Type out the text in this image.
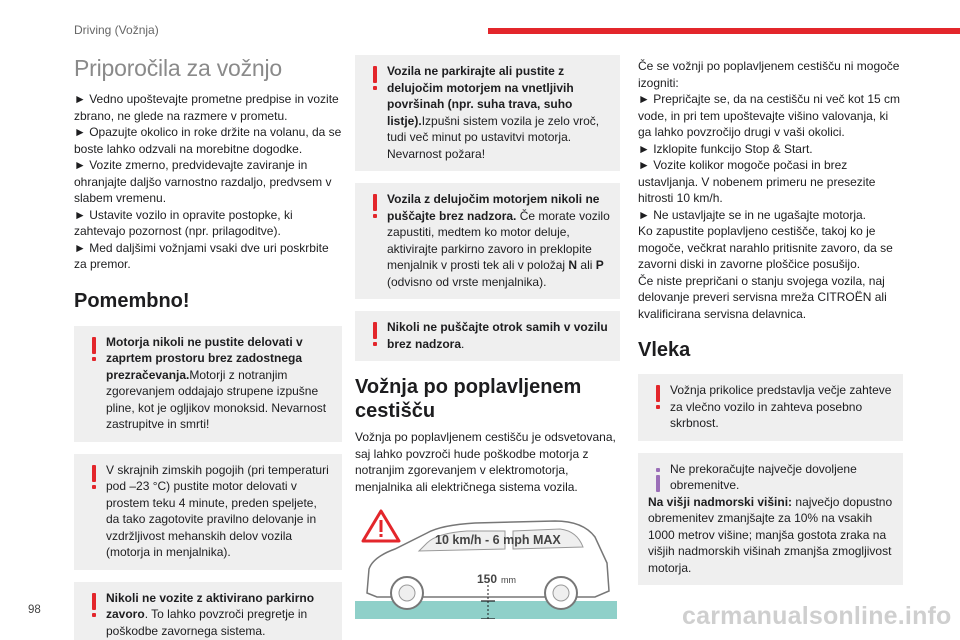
Driving (Vožnja)
Priporočila za vožnjo

► Vedno upoštevajte prometne predpise in vozite zbrano, ne glede na razmere v prometu.

► Opazujte okolico in roke držite na volanu, da se boste lahko odzvali na morebitne dogodke.

► Vozite zmerno, predvidevajte zaviranje in ohranjajte daljšo varnostno razdaljo, predvsem v slabem vremenu.

► Ustavite vozilo in opravite postopke, ki zahtevajo pozornost (npr. prilagoditve).

► Med daljšimi vožnjami vsaki dve uri poskrbite za premor.

Pomembno!
Motorja nikoli ne pustite delovati v zaprtem prostoru brez zadostnega prezračevanja.Motorji z notranjim zgorevanjem oddajajo strupene izpušne pline, kot je ogljikov monoksid. Nevarnost zastrupitve in smrti!
V skrajnih zimskih pogojih (pri temperaturi pod –23 °C) pustite motor delovati v prostem teku 4 minute, preden speljete, da tako zagotovite pravilno delovanje in vzdržljivost mehanskih delov vozila (motorja in menjalnika).
Nikoli ne vozite z aktivirano parkirno zavoro. To lahko povzroči pregretje in poškodbe zavornega sistema.
Vozila ne parkirajte ali pustite z delujočim motorjem na vnetljivih površinah (npr. suha trava, suho listje).Izpušni sistem vozila je zelo vroč, tudi več minut po ustavitvi motorja. Nevarnost požara!
Vozila z delujočim motorjem nikoli ne puščajte brez nadzora. Če morate vozilo zapustiti, medtem ko motor deluje, aktivirajte parkirno zavoro in preklopite menjalnik v prosti tek ali v položaj N ali P (odvisno od vrste menjalnika).
Nikoli ne puščajte otrok samih v vozilu brez nadzora.
Vožnja po poplavljenem cestišču

Vožnja po poplavljenem cestišču je odsvetovana, saj lahko povzroči hude poškodbe motorja z notranjim zgorevanjem v elektromotorja, menjalnika ali električnega sistema vozila.

10 km/h - 6 mph MAX
150 mm

Če se vožnji po poplavljenem cestišču ni mogoče izogniti:

► Prepričajte se, da na cestišču ni več kot 15 cm vode, in pri tem upoštevajte višino valovanja, ki ga lahko povzročijo drugi v vaši okolici.

► Izklopite funkcijo Stop & Start.

► Vozite kolikor mogoče počasi in brez ustavljanja. V nobenem primeru ne presezite hitrosti 10 km/h.

► Ne ustavljajte se in ne ugašajte motorja.

Ko zapustite poplavljeno cestišče, takoj ko je mogoče, večkrat narahlo pritisnite zavoro, da se zavorni diski in zavorne ploščice posušijo.

Če niste prepričani o stanju svojega vozila, naj delovanje preveri servisna mreža CITROËN ali kvalificirana servisna delavnica.

Vleka
Vožnja prikolice predstavlja večje zahteve za vlečno vozilo in zahteva posebno skrbnost.
Ne prekoračujte največje dovoljene obremenitve.
Na višji nadmorski višini: največjo dopustno obremenitev zmanjšajte za 10% na vsakih 1000 metrov višine; manjša gostota zraka na višjih nadmorskih višinah zmanjša zmogljivost motorja.
98	carmanualsonline.info
